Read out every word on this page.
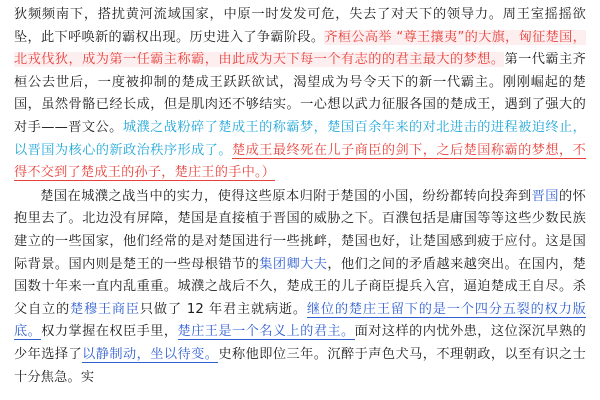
狄频频南下，搭扰黄河流域国家，中原一时发发可危，失去了对天下的领导力。周王室摇摇欲坠，此下呼唤新的霸权出现。历史进入了争霸阶段。齐桓公高举 “尊王攘夷”的大旗，匈征楚国，北戎伐狄，成为第一任霸主称霸，由此成为天下每一个有志的的君主最大的梦想。第一代霸主齐桓公去世后，一度被抑制的楚成王跃跃欲试，渴望成为号令天下的新一代霸主。刚刚崛起的楚国，虽然骨骼已经长成，但是肌肉还不够结实。一心想以武力征服各国的楚成王，遇到了强大的对手——晋文公。城濮之战粉碎了楚成王的称霸梦，楚国百余年来的对北进击的进程被迫终止，以晋国为核心的新政治秩序形成了。楚成王最终死在儿子商臣的剑下，之后楚国称霸的梦想，不得不交到了楚成王的孙子，楚庄王的手中。）

楚国在城濮之战当中的实力，使得这些原本归附于楚国的小国，纷纷都转向投奔到晋国的怀抱里去了。北边没有屏障，楚国是直接植于晋国的威胁之下。百濮包括是庸国等等这些少数民族建立的一些国家，他们经常的是对楚国进行一些挑衅，楚国也好，让楚国感到疲于应付。这是国际背景。国内则是楚王的一些母根错节的集团卿大夫，他们之间的矛盾越来越突出。在国内，楚国数十年来一直内乱重重。城濮之战后不久，楚成王的儿子商臣提兵入宫，逼迫楚成王自尽。杀父自立的楚穆王商臣只做了 12 年君主就病逝。继位的楚庄王留下的是一个四分五裂的权力版底。权力掌握在权臣手里，楚庄王是一个名义上的君主。面对这样的内忧外患，这位深沉早熟的少年选择了以静制动，坐以待变。史称他即位三年。沉醉于声色犬马，不理朝政，以至有识之士十分焦急。实
